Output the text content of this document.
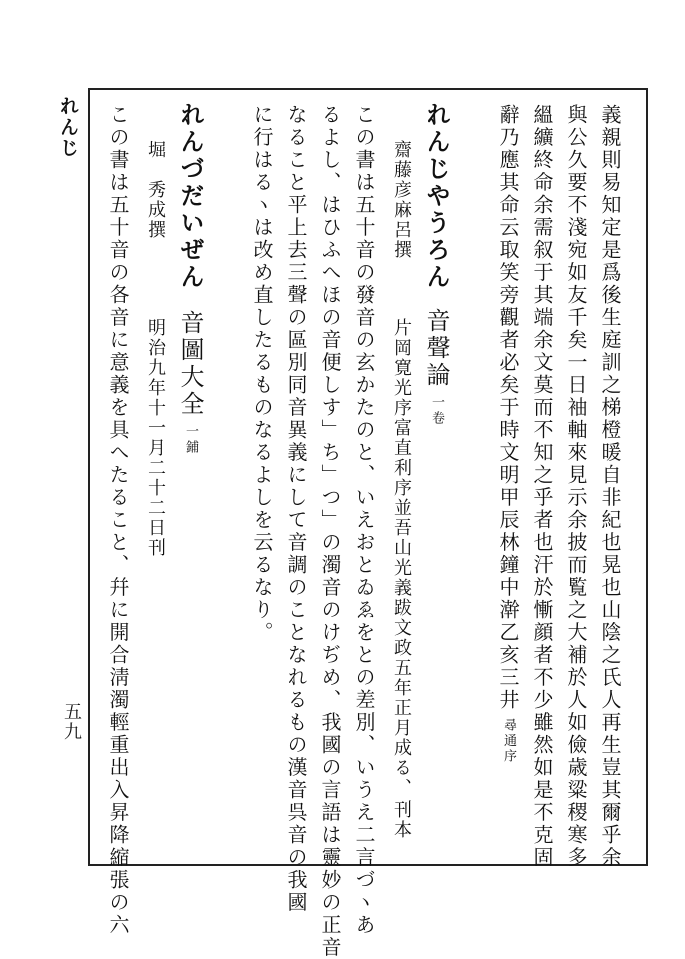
れんじ
五九	義親則易知定是爲後生庭訓之梯橙暖自非紀也晃也山陰之氏人再生豈其爾乎余
與公久要不淺宛如友千矣一日袖軸來見示余披而覧之大補於人如儉歳粱稷寒多
縕纊終命余需叙于其端余文莫而不知之乎者也汗於慚顔者不少雖然如是不克固
辭乃應其命云取笑旁觀者必矣于時文明甲辰林鐘中澣乙亥三井尋通序
れんじやうろん
音聲論一卷
齋藤彦麻呂撰
片岡寛光序富直利序並吾山光義跋文政五年正月成る、
刊本
この書は五十音の發音の玄かたのと、いえおとゐゑをとの差別、いうえ二言づヽあ
るよし、はひふへほの音便しす」ち」つ」の濁音のけぢめ、我國の言語は靈妙の正音
なること平上去三聲の區別同音異義にして音調のことなれるもの漢音呉音の我國
に行はるヽは改め直したるものなるよしを云るなり。
れんづだいぜん
音圖大全一鋪
堀　秀成撰
明治九年十一月二十二日刊
この書は五十音の各音に意義を具へたること、幷に開合淸濁輕重出入昇降縮張の六
